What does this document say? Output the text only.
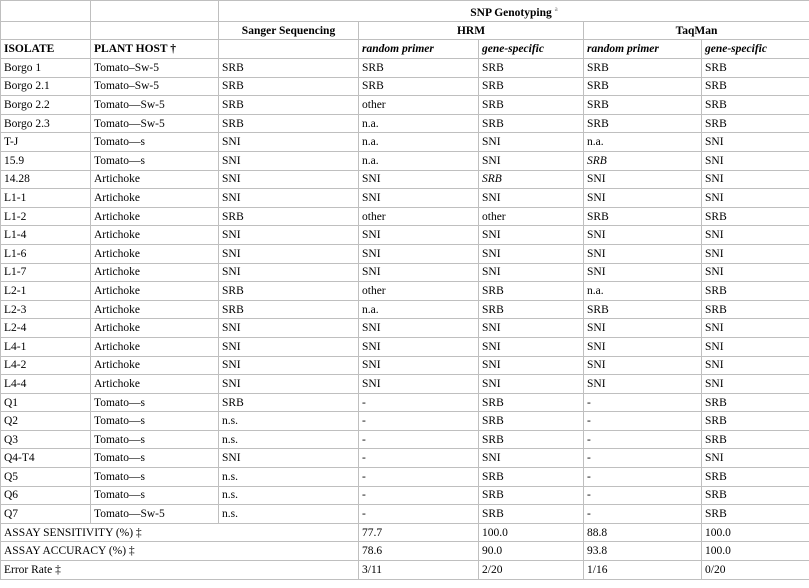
		SNP Genotyping $^a$
		Sanger Sequencing	HRM		TaqMan	
ISOLATE	PLANT HOST †		random primer	gene-specific	random primer	gene-specific
Borgo 1	Tomato–Sw-5	SRB	SRB	SRB	SRB	SRB
Borgo 2.1	Tomato–Sw-5	SRB	SRB	SRB	SRB	SRB
Borgo 2.2	Tomato—Sw-5	SRB	other	SRB	SRB	SRB
Borgo 2.3	Tomato—Sw-5	SRB	n.a.	SRB	SRB	SRB
T-J	Tomato—s	SNI	n.a.	SNI	n.a.	SNI
15.9	Tomato—s	SNI	n.a.	SNI	SRB	SNI
14.28	Artichoke	SNI	SNI	SRB	SNI	SNI
L1-1	Artichoke	SNI	SNI	SNI	SNI	SNI
L1-2	Artichoke	SRB	other	other	SRB	SRB
L1-4	Artichoke	SNI	SNI	SNI	SNI	SNI
L1-6	Artichoke	SNI	SNI	SNI	SNI	SNI
L1-7	Artichoke	SNI	SNI	SNI	SNI	SNI
L2-1	Artichoke	SRB	other	SRB	n.a.	SRB
L2-3	Artichoke	SRB	n.a.	SRB	SRB	SRB
L2-4	Artichoke	SNI	SNI	SNI	SNI	SNI
L4-1	Artichoke	SNI	SNI	SNI	SNI	SNI
L4-2	Artichoke	SNI	SNI	SNI	SNI	SNI
L4-4	Artichoke	SNI	SNI	SNI	SNI	SNI
Q1	Tomato—s	SRB	-	SRB	-	SRB
Q2	Tomato—s	n.s.	-	SRB	-	SRB
Q3	Tomato—s	n.s.	-	SRB	-	SRB
Q4-T4	Tomato—s	SNI	-	SNI	-	SNI
Q5	Tomato—s	n.s.	-	SRB	-	SRB
Q6	Tomato—s	n.s.	-	SRB	-	SRB
Q7	Tomato—Sw-5	n.s.	-	SRB	-	SRB
ASSAY SENSITIVITY (%) ‡			77.7	100.0	88.8	100.0
ASSAY ACCURACY (%) ‡			78.6	90.0	93.8	100.0
Error Rate ‡			3/11	2/20	1/16	0/20
